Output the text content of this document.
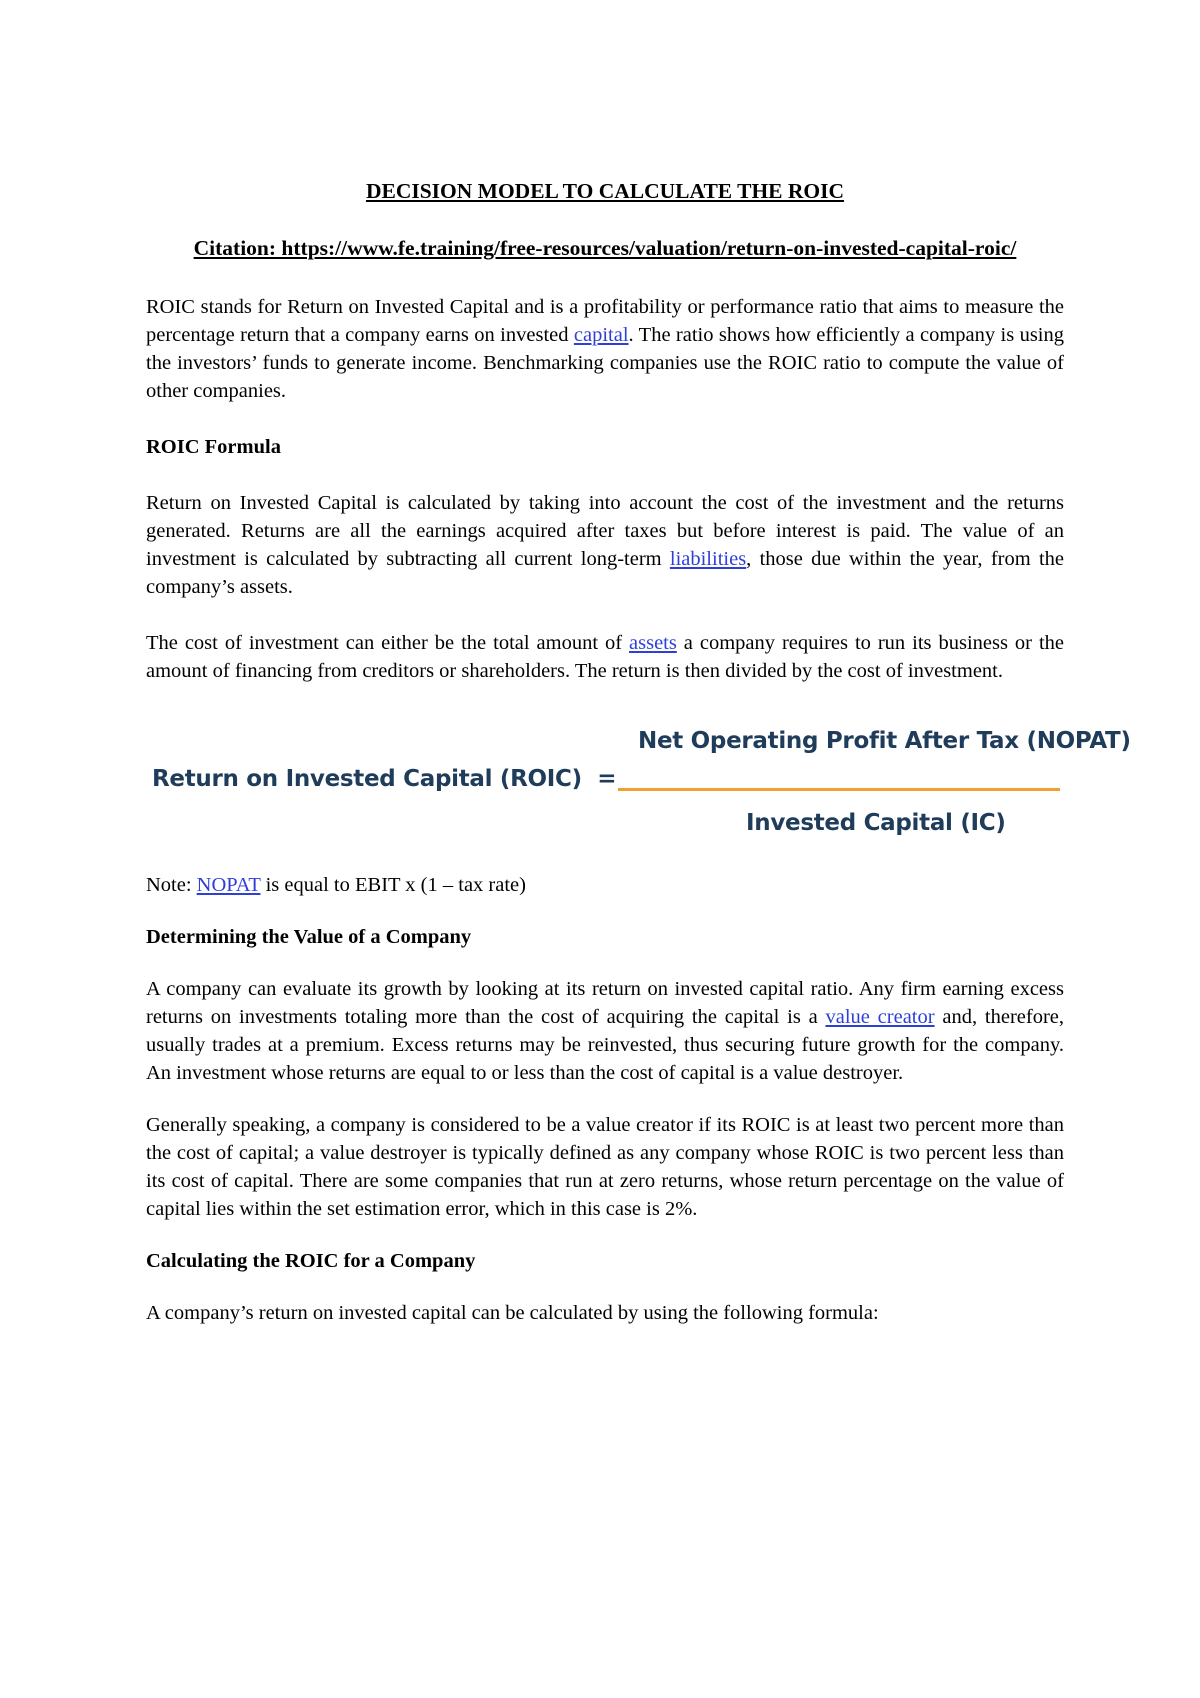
DECISION MODEL TO CALCULATE THE ROIC
Citation: https://www.fe.training/free-resources/valuation/return-on-invested-capital-roic/

ROIC stands for Return on Invested Capital and is a profitability or performance ratio that aims to measure the percentage return that a company earns on invested capital. The ratio shows how efficiently a company is using the investors’ funds to generate income. Benchmarking companies use the ROIC ratio to compute the value of other companies.

ROIC Formula

Return on Invested Capital is calculated by taking into account the cost of the investment and the returns generated. Returns are all the earnings acquired after taxes but before interest is paid. The value of an investment is calculated by subtracting all current long-term liabilities, those due within the year, from the company’s assets.

The cost of investment can either be the total amount of assets a company requires to run its business or the amount of financing from creditors or shareholders. The return is then divided by the cost of investment.

Return on Invested Capital (ROIC)  =
Net Operating Profit After Tax (NOPAT)
Invested Capital (IC)

Note: NOPAT is equal to EBIT x (1 – tax rate)

Determining the Value of a Company

A company can evaluate its growth by looking at its return on invested capital ratio. Any firm earning excess returns on investments totaling more than the cost of acquiring the capital is a value creator and, therefore, usually trades at a premium. Excess returns may be reinvested, thus securing future growth for the company. An investment whose returns are equal to or less than the cost of capital is a value destroyer.

Generally speaking, a company is considered to be a value creator if its ROIC is at least two percent more than the cost of capital; a value destroyer is typically defined as any company whose ROIC is two percent less than its cost of capital. There are some companies that run at zero returns, whose return percentage on the value of capital lies within the set estimation error, which in this case is 2%.

Calculating the ROIC for a Company

A company’s return on invested capital can be calculated by using the following formula:
